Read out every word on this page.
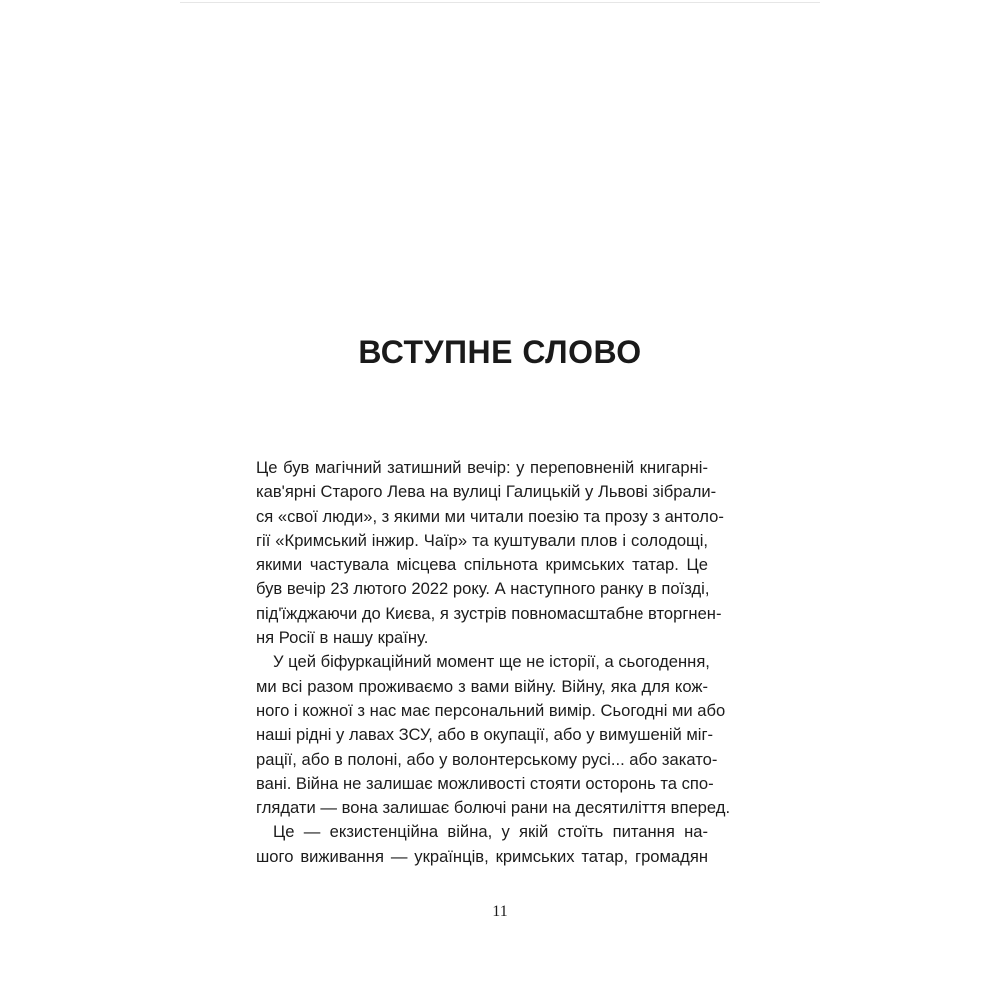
ВСТУПНЕ СЛОВО
Це був магічний затишний вечір: у переповненій книгарні-
кав'ярні Старого Лева на вулиці Галицькій у Львові зібрали-
ся «свої люди», з якими ми читали поезію та прозу з антоло-
гії «Кримський інжир. Чаїр» та куштували плов і солодощі,
якими частувала місцева спільнота кримських татар. Це
був вечір 23 лютого 2022 року. А наступного ранку в поїзді,
під'їжджаючи до Києва, я зустрів повномасштабне вторгнен-
ня Росії в нашу країну.
У цей біфуркаційний момент ще не історії, а сьогодення,
ми всі разом проживаємо з вами війну. Війну, яка для кож-
ного і кожної з нас має персональний вимір. Сьогодні ми або
наші рідні у лавах ЗСУ, або в окупації, або у вимушеній міг-
рації, або в полоні, або у волонтерському русі... або закато-
вані. Війна не залишає можливості стояти осторонь та спо-
глядати — вона залишає болючі рани на десятиліття вперед.
Це — екзистенційна війна, у якій стоїть питання на-
шого виживання — українців, кримських татар, громадян
11
